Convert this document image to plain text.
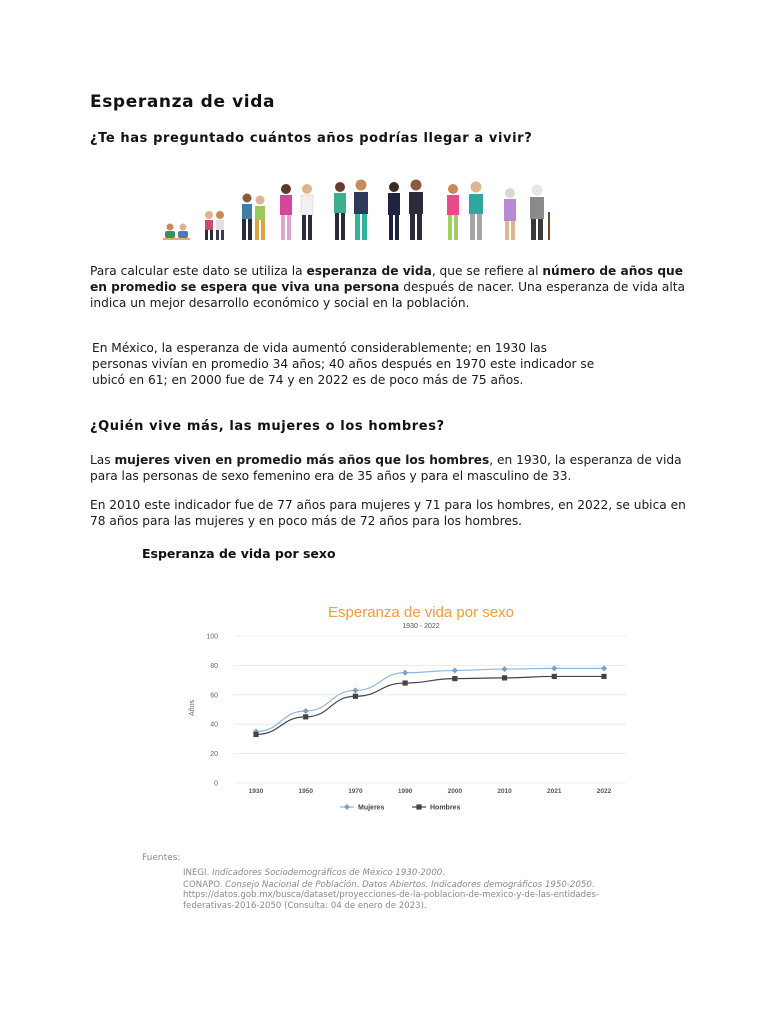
Esperanza de vida
¿Te has preguntado cuántos años podrías llegar a vivir?

Para calcular este dato se utiliza la esperanza de vida, que se refiere al número de años que en promedio se espera que viva una persona después de nacer. Una esperanza de vida alta indica un mejor desarrollo económico y social en la población.

En México, la esperanza de vida aumentó considerablemente; en 1930 las personas vivían en promedio 34 años; 40 años después en 1970 este indicador se ubicó en 61; en 2000 fue de 74 y en 2022 es de poco más de 75 años.

¿Quién vive más, las mujeres o los hombres?

Las mujeres viven en promedio más años que los hombres, en 1930, la esperanza de vida para las personas de sexo femenino era de 35 años y para el masculino de 33.

En 2010 este indicador fue de 77 años para mujeres y 71 para los hombres, en 2022, se ubica en 78 años para las mujeres y en poco más de 72 años para los hombres.

Esperanza de vida por sexo

Esperanza de vida por sexo
1930 - 2022
0
20
40
60
80
100
1930	1950	1970	1990	2000	2010	2021	2022
Años
Mujeres	Hombres
Fuentes:
INEGI. Indicadores Sociodemográficos de México 1930-2000.
CONAPO. Consejo Nacional de Población. Datos Abiertos. Indicadores demográficos 1950-2050. https://datos.gob.mx/busca/dataset/proyecciones-de-la-poblacion-de-mexico-y-de-las-entidades-federativas-2016-2050 (Consulta: 04 de enero de 2023).
